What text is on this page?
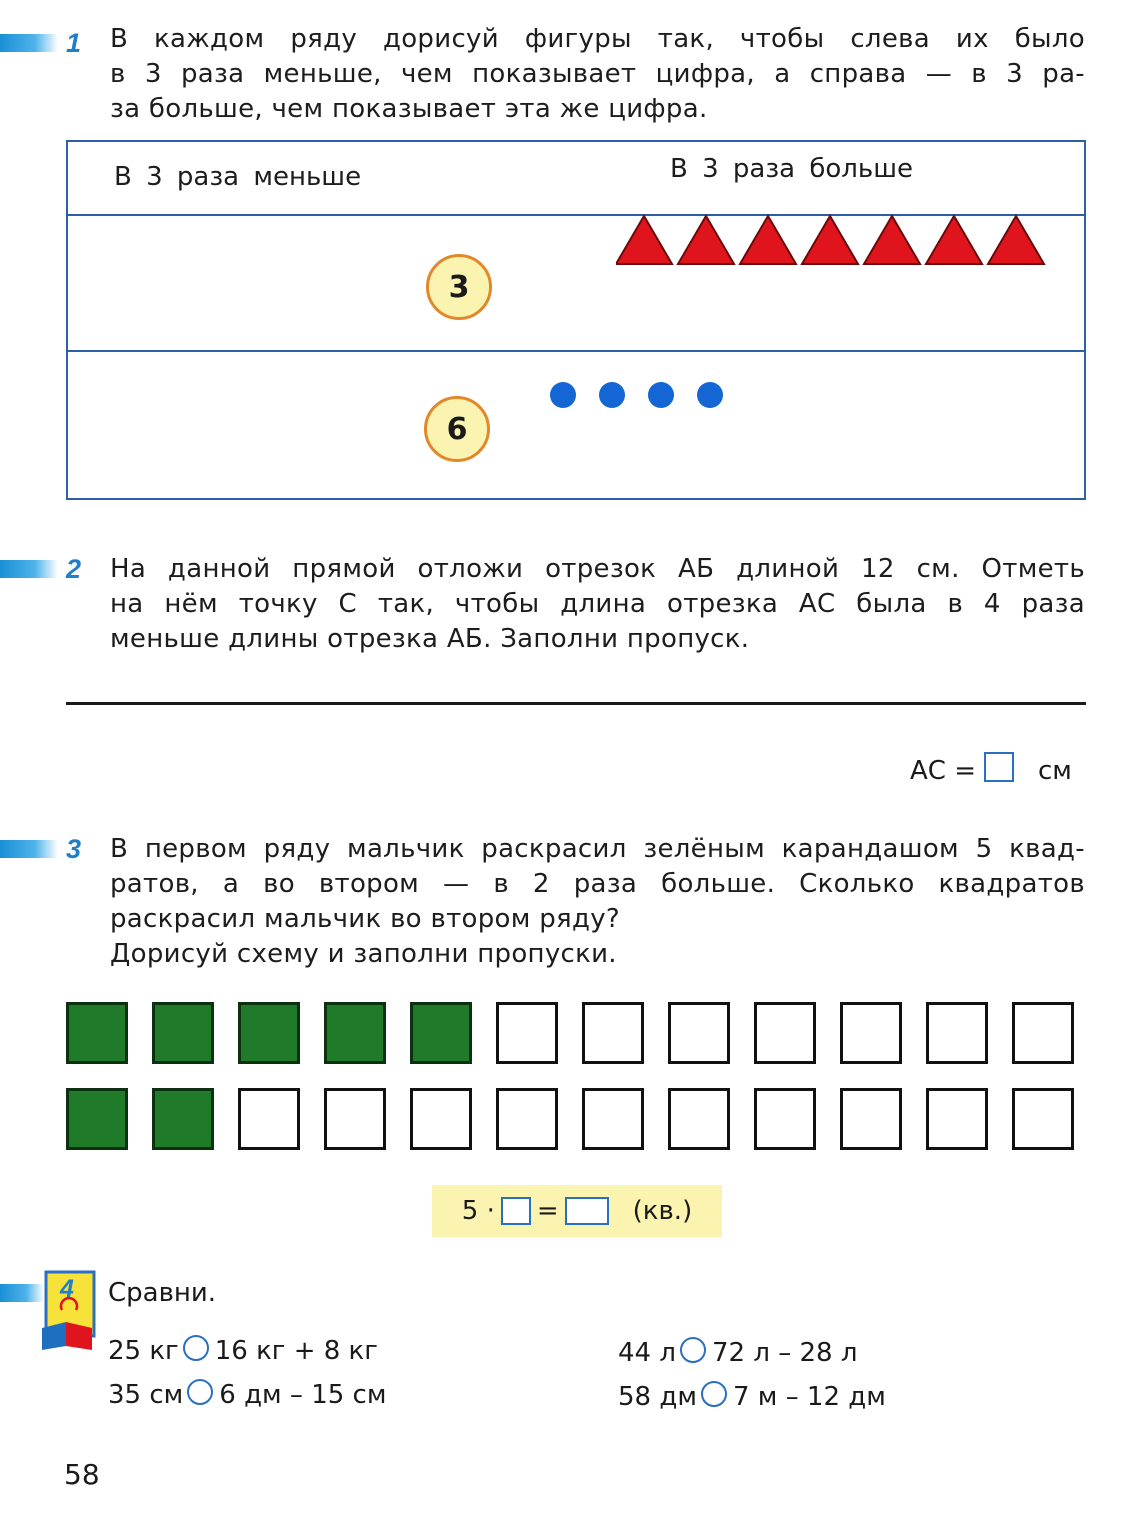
1 В каждом ряду дорисуй фигуры так, чтобы слева их было
в 3 раза меньше, чем показывает цифра, а справа — в 3 ра-
за больше, чем показывает эта же цифра.
В 3 раза меньше	В 3 раза больше
3
6
2 На данной прямой отложи отрезок АБ длиной 12 см. Отметь
на нём точку С так, чтобы длина отрезка АС была в 4 раза
меньше длины отрезка АБ. Заполни пропуск.
АС = см
3 В первом ряду мальчик раскрасил зелёным карандашом 5 квад-
ратов, а во втором — в 2 раза больше. Сколько квадратов
раскрасил мальчик во втором ряду?
Дорисуй схему и заполни пропуски.
5 · =	(кв.)
4 Сравни.
25 кг 16 кг + 8 кг
35 см 6 дм – 15 см
44 л 72 л – 28 л
58 дм 7 м – 12 дм
58
